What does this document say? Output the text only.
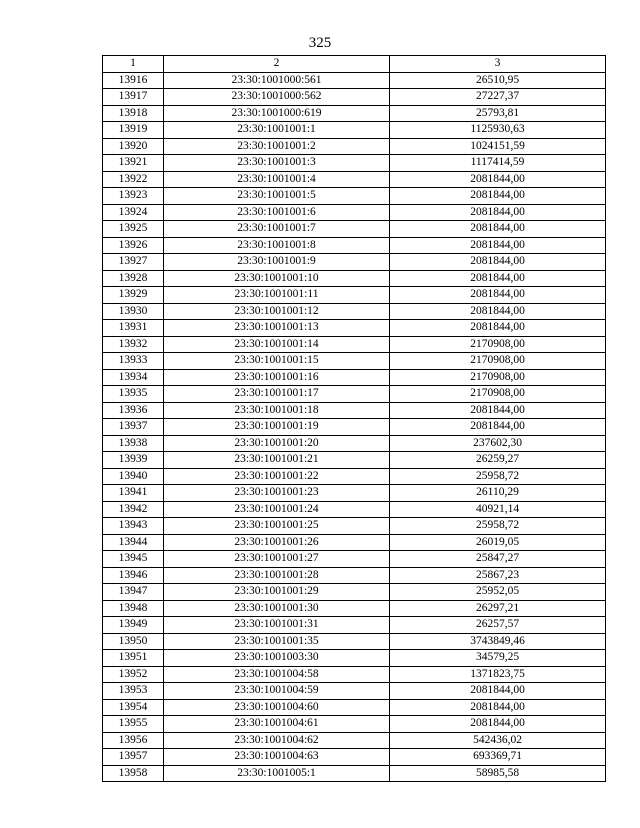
325
1	2	3
13916	23:30:1001000:561	26510,95
13917	23:30:1001000:562	27227,37
13918	23:30:1001000:619	25793,81
13919	23:30:1001001:1	1125930,63
13920	23:30:1001001:2	1024151,59
13921	23:30:1001001:3	1117414,59
13922	23:30:1001001:4	2081844,00
13923	23:30:1001001:5	2081844,00
13924	23:30:1001001:6	2081844,00
13925	23:30:1001001:7	2081844,00
13926	23:30:1001001:8	2081844,00
13927	23:30:1001001:9	2081844,00
13928	23:30:1001001:10	2081844,00
13929	23:30:1001001:11	2081844,00
13930	23:30:1001001:12	2081844,00
13931	23:30:1001001:13	2081844,00
13932	23:30:1001001:14	2170908,00
13933	23:30:1001001:15	2170908,00
13934	23:30:1001001:16	2170908,00
13935	23:30:1001001:17	2170908,00
13936	23:30:1001001:18	2081844,00
13937	23:30:1001001:19	2081844,00
13938	23:30:1001001:20	237602,30
13939	23:30:1001001:21	26259,27
13940	23:30:1001001:22	25958,72
13941	23:30:1001001:23	26110,29
13942	23:30:1001001:24	40921,14
13943	23:30:1001001:25	25958,72
13944	23:30:1001001:26	26019,05
13945	23:30:1001001:27	25847,27
13946	23:30:1001001:28	25867,23
13947	23:30:1001001:29	25952,05
13948	23:30:1001001:30	26297,21
13949	23:30:1001001:31	26257,57
13950	23:30:1001001:35	3743849,46
13951	23:30:1001003:30	34579,25
13952	23:30:1001004:58	1371823,75
13953	23:30:1001004:59	2081844,00
13954	23:30:1001004:60	2081844,00
13955	23:30:1001004:61	2081844,00
13956	23:30:1001004:62	542436,02
13957	23:30:1001004:63	693369,71
13958	23:30:1001005:1	58985,58
